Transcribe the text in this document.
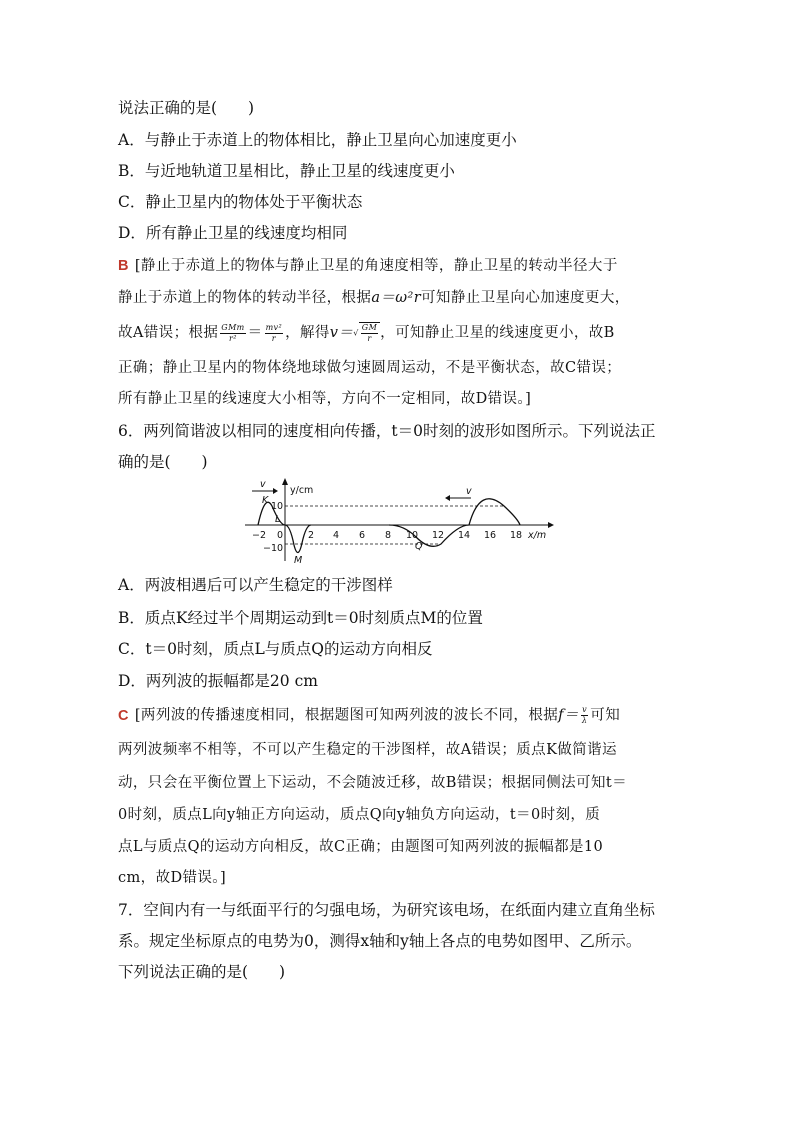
说法正确的是(　　)
A．与静止于赤道上的物体相比，静止卫星向心加速度更小
B．与近地轨道卫星相比，静止卫星的线速度更小
C．静止卫星内的物体处于平衡状态
D．所有静止卫星的线速度均相同
B [静止于赤道上的物体与静止卫星的角速度相等，静止卫星的转动半径大于
静止于赤道上的物体的转动半径，根据a＝ω²r可知静止卫星向心加速度更大，
故A错误；根据 $\frac{\text{GMm}}{\text{r²}} = \frac{\text{mv²}}{r}$ ，解得$v=√ \frac{GM}{r}$ ，可知静止卫星的线速度更小，故B
正确；静止卫星内的物体绕地球做匀速圆周运动，不是平衡状态，故C错误；
所有静止卫星的线速度大小相等，方向不一定相同，故D错误。]
6．两列简谐波以相同的速度相向传播，t＝0时刻的波形如图所示。下列说法正
确的是(　　)
v
v
y/cm
x/m
10
−10
−2 0	2 4 6 8 10 12 14 16 18
K
L
M
Q
A．两波相遇后可以产生稳定的干涉图样
B．质点K经过半个周期运动到t＝0时刻质点M的位置
C．t＝0时刻，质点L与质点Q的运动方向相反
D．两列波的振幅都是20 cm
C [两列波的传播速度相同，根据题图可知两列波的波长不同，根据$f= \frac{v}{\lambda}$ 可知
两列波频率不相等，不可以产生稳定的干涉图样，故A错误；质点K做简谐运
动，只会在平衡位置上下运动，不会随波迁移，故B错误；根据同侧法可知t＝
0时刻，质点L向y轴正方向运动，质点Q向y轴负方向运动，t＝0时刻，质
点L与质点Q的运动方向相反，故C正确；由题图可知两列波的振幅都是10
cm，故D错误。]
7．空间内有一与纸面平行的匀强电场，为研究该电场，在纸面内建立直角坐标
系。规定坐标原点的电势为0，测得x轴和y轴上各点的电势如图甲、乙所示。
下列说法正确的是(　　)
